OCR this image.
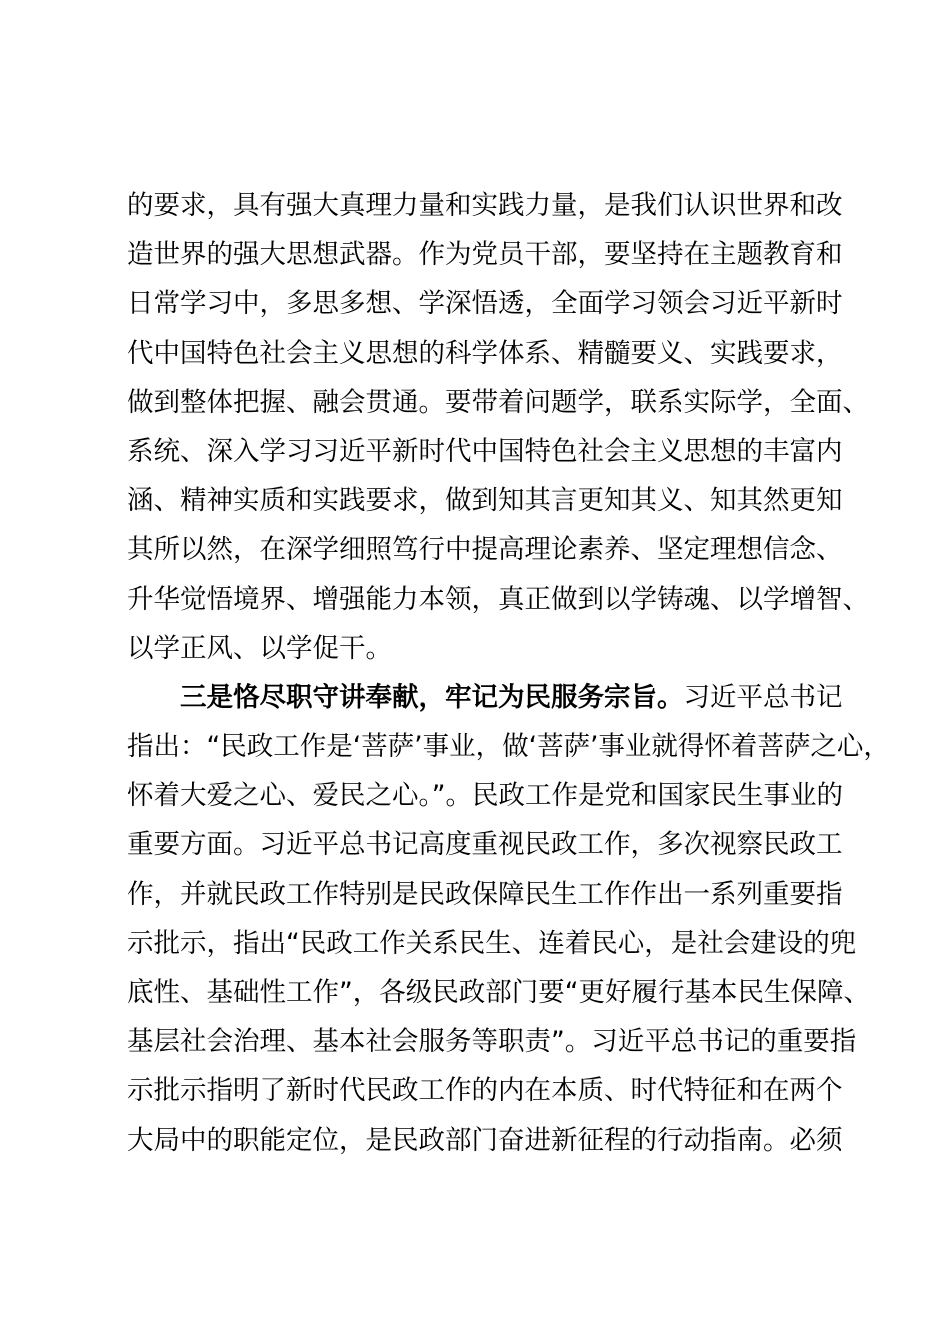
的要求，具有强大真理力量和实践力量，是我们认识世界和改
造世界的强大思想武器。作为党员干部，要坚持在主题教育和
日常学习中，多思多想、学深悟透，全面学习领会习近平新时
代中国特色社会主义思想的科学体系、精髓要义、实践要求，
做到整体把握、融会贯通。要带着问题学，联系实际学，全面、
系统、深入学习习近平新时代中国特色社会主义思想的丰富内
涵、精神实质和实践要求，做到知其言更知其义、知其然更知
其所以然，在深学细照笃行中提高理论素养、坚定理想信念、
升华觉悟境界、增强能力本领，真正做到以学铸魂、以学增智、
以学正风、以学促干。
三是恪尽职守讲奉献，牢记为民服务宗旨。习近平总书记
指出：“民政工作是‘菩萨’事业，做‘菩萨’事业就得怀着菩萨之心，
怀着大爱之心、爱民之心。”。民政工作是党和国家民生事业的
重要方面。习近平总书记高度重视民政工作，多次视察民政工
作，并就民政工作特别是民政保障民生工作作出一系列重要指
示批示，指出“民政工作关系民生、连着民心，是社会建设的兜
底性、基础性工作”，各级民政部门要“更好履行基本民生保障、
基层社会治理、基本社会服务等职责”。习近平总书记的重要指
示批示指明了新时代民政工作的内在本质、时代特征和在两个
大局中的职能定位，是民政部门奋进新征程的行动指南。必须
